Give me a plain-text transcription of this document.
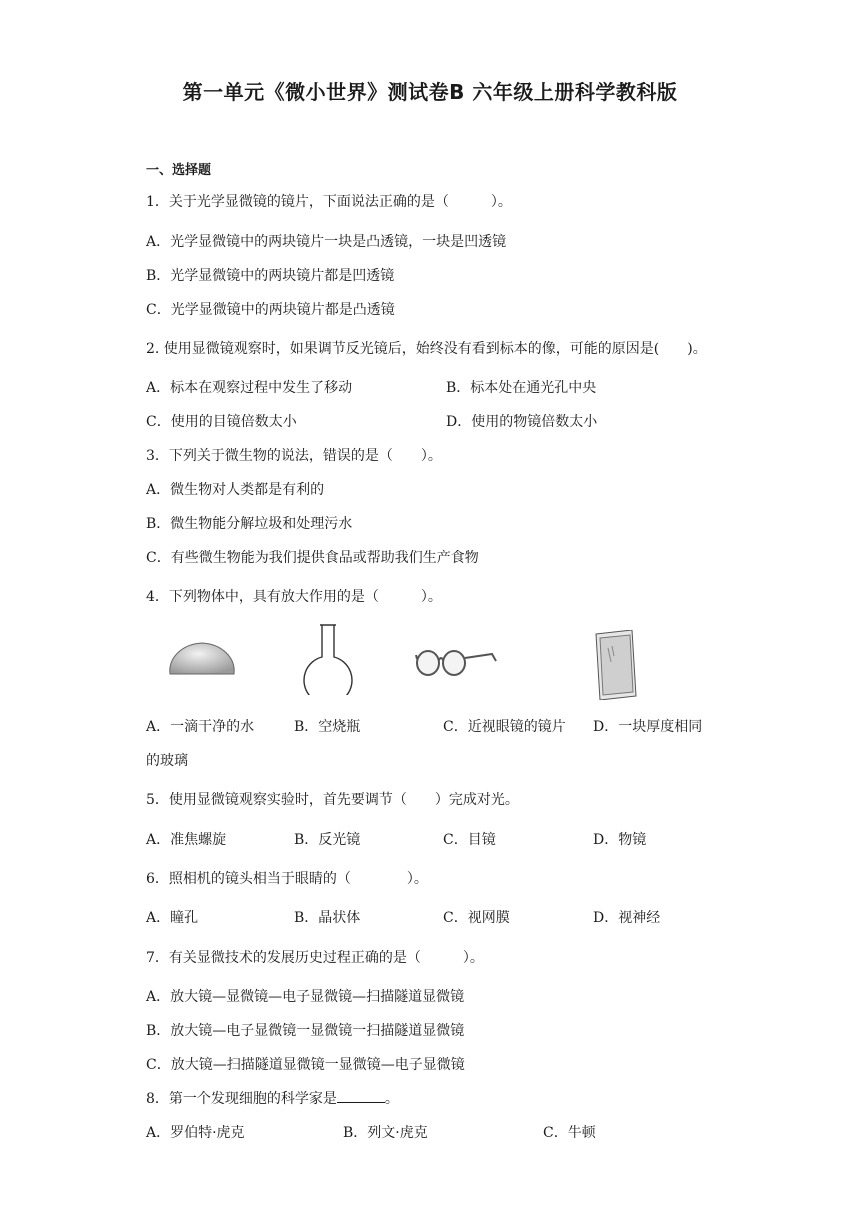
第一单元《微小世界》测试卷B 六年级上册科学教科版
一、选择题
1．关于光学显微镜的镜片，下面说法正确的是（　　　）。
A．光学显微镜中的两块镜片一块是凸透镜，一块是凹透镜
B．光学显微镜中的两块镜片都是凹透镜
C．光学显微镜中的两块镜片都是凸透镜
2. 使用显微镜观察时，如果调节反光镜后，始终没有看到标本的像，可能的原因是(　　)。
A．标本在观察过程中发生了移动	B．标本处在通光孔中央
C．使用的目镜倍数太小	D．使用的物镜倍数太小
3．下列关于微生物的说法，错误的是（　　）。
A．微生物对人类都是有利的
B．微生物能分解垃圾和处理污水
C．有些微生物能为我们提供食品或帮助我们生产食物
4．下列物体中，具有放大作用的是（　　　）。
A．一滴干净的水	B．空烧瓶	C．近视眼镜的镜片 D．一块厚度相同
的玻璃
5．使用显微镜观察实验时，首先要调节（　　）完成对光。
A．准焦螺旋	B．反光镜	C．目镜	D．物镜
6．照相机的镜头相当于眼睛的（　　　　）。
A．瞳孔	B．晶状体	C．视网膜	D．视神经
7．有关显微技术的发展历史过程正确的是（　　　）。
A．放大镜—显微镜—电子显微镜—扫描隧道显微镜
B．放大镜—电子显微镜一显微镜一扫描隧道显微镜
C．放大镜—扫描隧道显微镜一显微镜—电子显微镜
8．第一个发现细胞的科学家是	。
A．罗伯特·虎克	B．列文·虎克	C．牛顿
